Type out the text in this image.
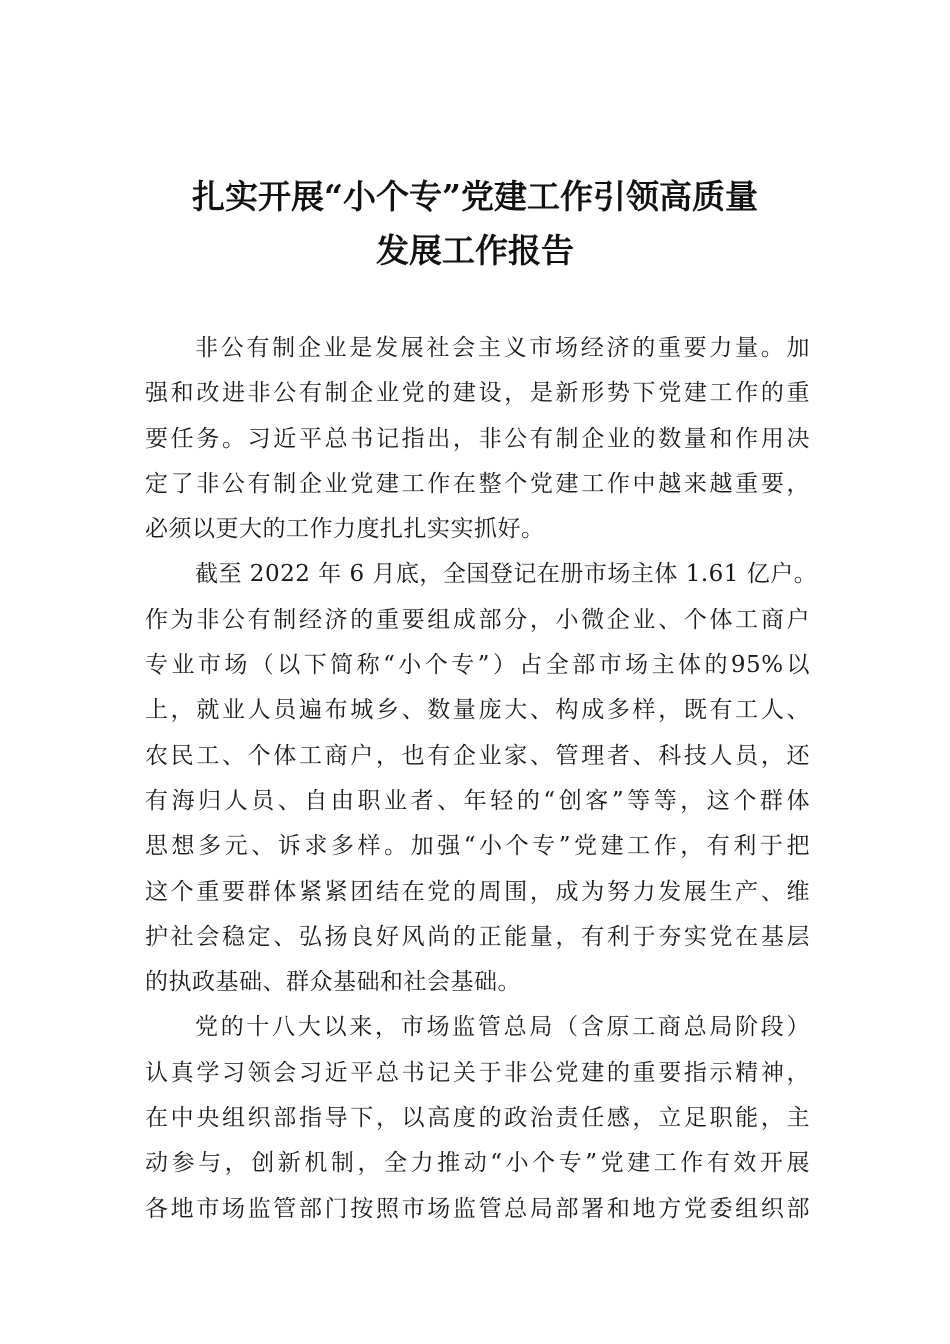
扎实开展“小个专”党建工作引领高质量
发展工作报告
非公有制企业是发展社会主义市场经济的重要力量。加
强和改进非公有制企业党的建设，是新形势下党建工作的重
要任务。习近平总书记指出，非公有制企业的数量和作用决
定了非公有制企业党建工作在整个党建工作中越来越重要，
必须以更大的工作力度扎扎实实抓好。
截至 2022 年 6 月底，全国登记在册市场主体 1.61 亿户。
作为非公有制经济的重要组成部分，小微企业、个体工商户
专业市场（以下简称“小个专”）占全部市场主体的95%以
上，就业人员遍布城乡、数量庞大、构成多样，既有工人、
农民工、个体工商户，也有企业家、管理者、科技人员，还
有海归人员、自由职业者、年轻的“创客”等等，这个群体
思想多元、诉求多样。加强“小个专”党建工作，有利于把
这个重要群体紧紧团结在党的周围，成为努力发展生产、维
护社会稳定、弘扬良好风尚的正能量，有利于夯实党在基层
的执政基础、群众基础和社会基础。
党的十八大以来，市场监管总局（含原工商总局阶段）
认真学习领会习近平总书记关于非公党建的重要指示精神，
在中央组织部指导下，以高度的政治责任感，立足职能，主
动参与，创新机制，全力推动“小个专”党建工作有效开展
各地市场监管部门按照市场监管总局部署和地方党委组织部
